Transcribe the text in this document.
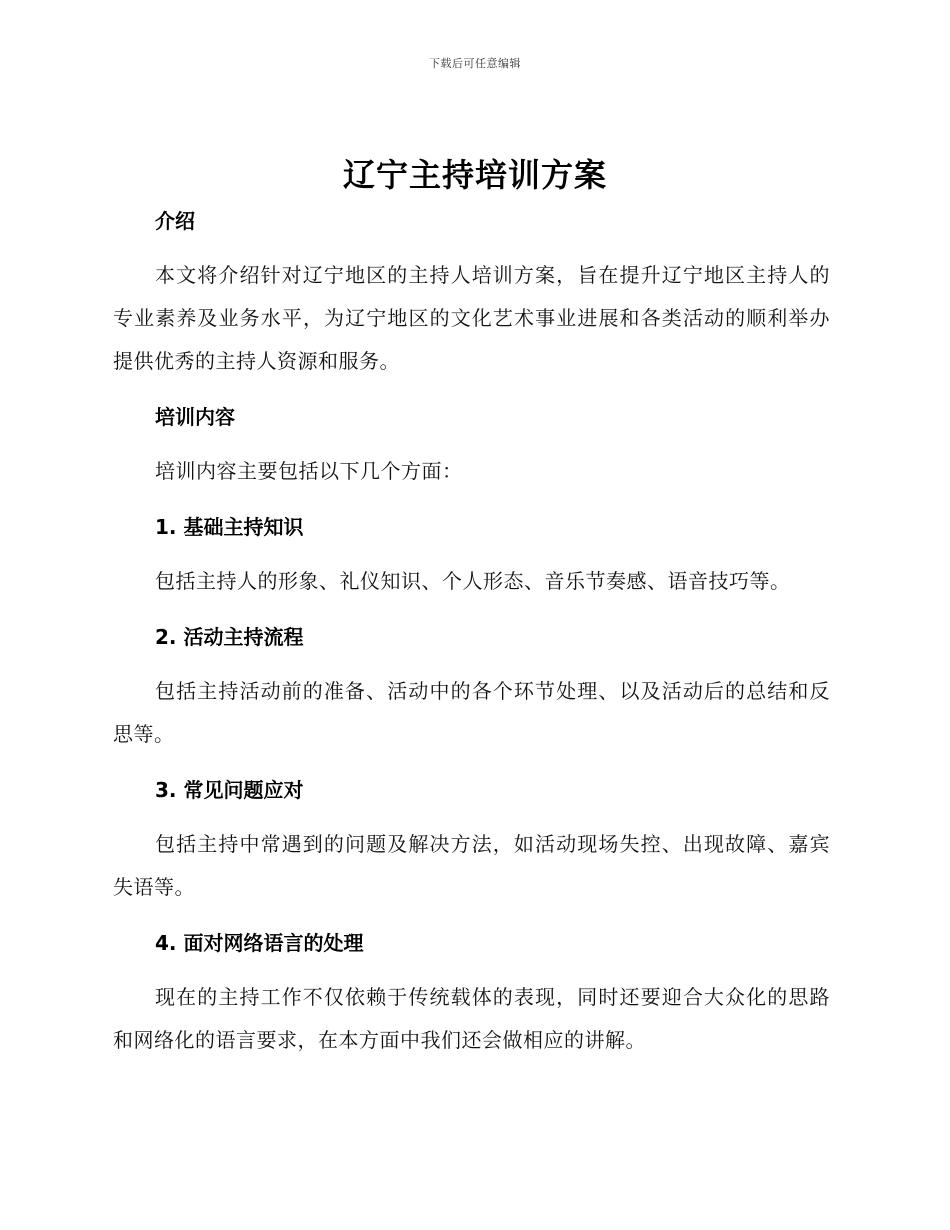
下载后可任意编辑
辽宁主持培训方案

介绍

本文将介绍针对辽宁地区的主持人培训方案，旨在提升辽宁地区主持人的专业素养及业务水平，为辽宁地区的文化艺术事业进展和各类活动的顺利举办提供优秀的主持人资源和服务。

培训内容

培训内容主要包括以下几个方面：

1. 基础主持知识

包括主持人的形象、礼仪知识、个人形态、音乐节奏感、语音技巧等。

2. 活动主持流程

包括主持活动前的准备、活动中的各个环节处理、以及活动后的总结和反思等。

3. 常见问题应对

包括主持中常遇到的问题及解决方法，如活动现场失控、出现故障、嘉宾失语等。

4. 面对网络语言的处理

现在的主持工作不仅依赖于传统载体的表现，同时还要迎合大众化的思路和网络化的语言要求，在本方面中我们还会做相应的讲解。
